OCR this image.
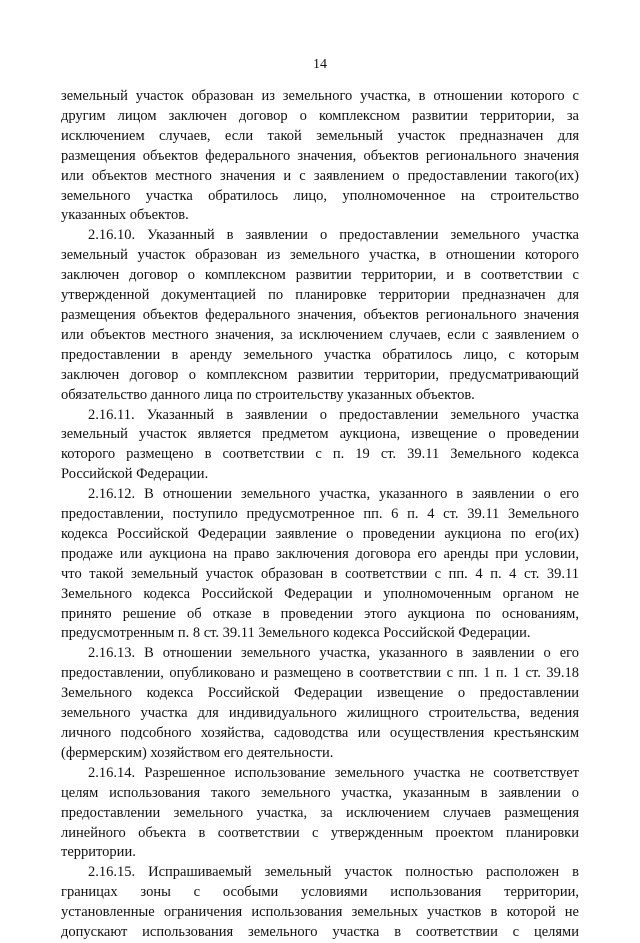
14

земельный участок образован из земельного участка, в отношении которого с
другим лицом заключен договор о комплексном развитии территории, за
исключением случаев, если такой земельный участок предназначен для
размещения объектов федерального значения, объектов регионального значения
или объектов местного значения и с заявлением о предоставлении такого(их)
земельного участка обратилось лицо, уполномоченное на строительство
указанных объектов.

2.16.10. Указанный в заявлении о предоставлении земельного участка
земельный участок образован из земельного участка, в отношении которого
заключен договор о комплексном развитии территории, и в соответствии с
утвержденной документацией по планировке территории предназначен для
размещения объектов федерального значения, объектов регионального значения
или объектов местного значения, за исключением случаев, если с заявлением о
предоставлении в аренду земельного участка обратилось лицо, с которым
заключен договор о комплексном развитии территории, предусматривающий
обязательство данного лица по строительству указанных объектов.

2.16.11. Указанный в заявлении о предоставлении земельного участка
земельный участок является предметом аукциона, извещение о проведении
которого размещено в соответствии с п. 19 ст. 39.11 Земельного кодекса
Российской Федерации.

2.16.12. В отношении земельного участка, указанного в заявлении о его
предоставлении, поступило предусмотренное пп. 6 п. 4 ст. 39.11 Земельного
кодекса Российской Федерации заявление о проведении аукциона по его(их)
продаже или аукциона на право заключения договора его аренды при условии,
что такой земельный участок образован в соответствии с пп. 4 п. 4 ст. 39.11
Земельного кодекса Российской Федерации и уполномоченным органом не
принято решение об отказе в проведении этого аукциона по основаниям,
предусмотренным п. 8 ст. 39.11 Земельного кодекса Российской Федерации.

2.16.13. В отношении земельного участка, указанного в заявлении о его
предоставлении, опубликовано и размещено в соответствии с пп. 1 п. 1 ст. 39.18
Земельного кодекса Российской Федерации извещение о предоставлении
земельного участка для индивидуального жилищного строительства, ведения
личного подсобного хозяйства, садоводства или осуществления крестьянским
(фермерским) хозяйством его деятельности.

2.16.14. Разрешенное использование земельного участка не соответствует
целям использования такого земельного участка, указанным в заявлении о
предоставлении земельного участка, за исключением случаев размещения
линейного объекта в соответствии с утвержденным проектом планировки
территории.

2.16.15. Испрашиваемый земельный участок полностью расположен в
границах зоны с особыми условиями использования территории,
установленные ограничения использования земельных участков в которой не
допускают использования земельного участка в соответствии с целями
